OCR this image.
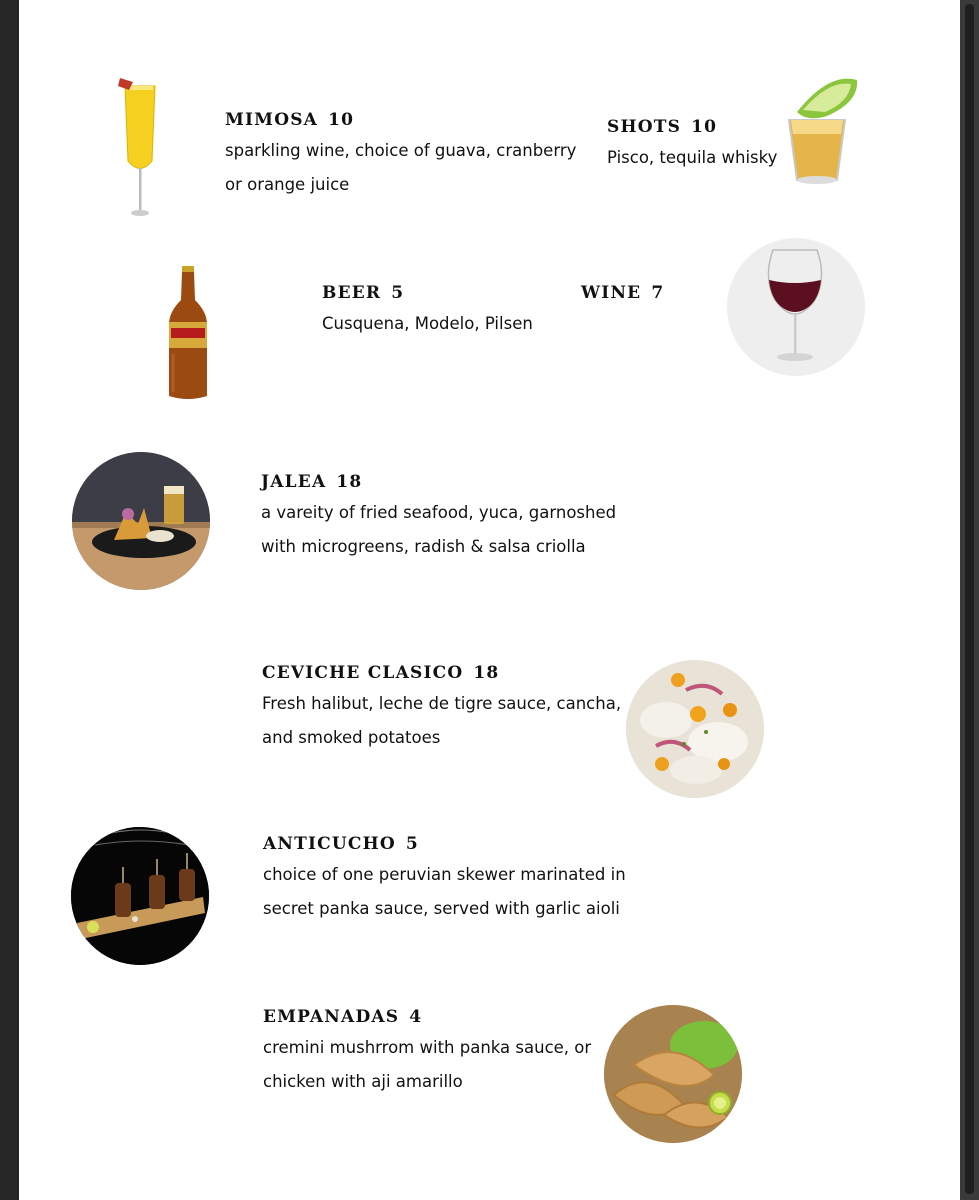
MIMOSA 10

sparkling wine, choice of guava, cranberry
or orange juice

SHOTS 10

Pisco, tequila whisky

BEER 5

Cusquena, Modelo, Pilsen

WINE 7

JALEA 18

a vareity of fried seafood, yuca, garnoshed
with microgreens, radish & salsa criolla

CEVICHE CLASICO 18

Fresh halibut, leche de tigre sauce, cancha,
and smoked potatoes

ANTICUCHO 5

choice of one peruvian skewer marinated in
secret panka sauce, served with garlic aioli

EMPANADAS 4

cremini mushrrom with panka sauce, or
chicken with aji amarillo
